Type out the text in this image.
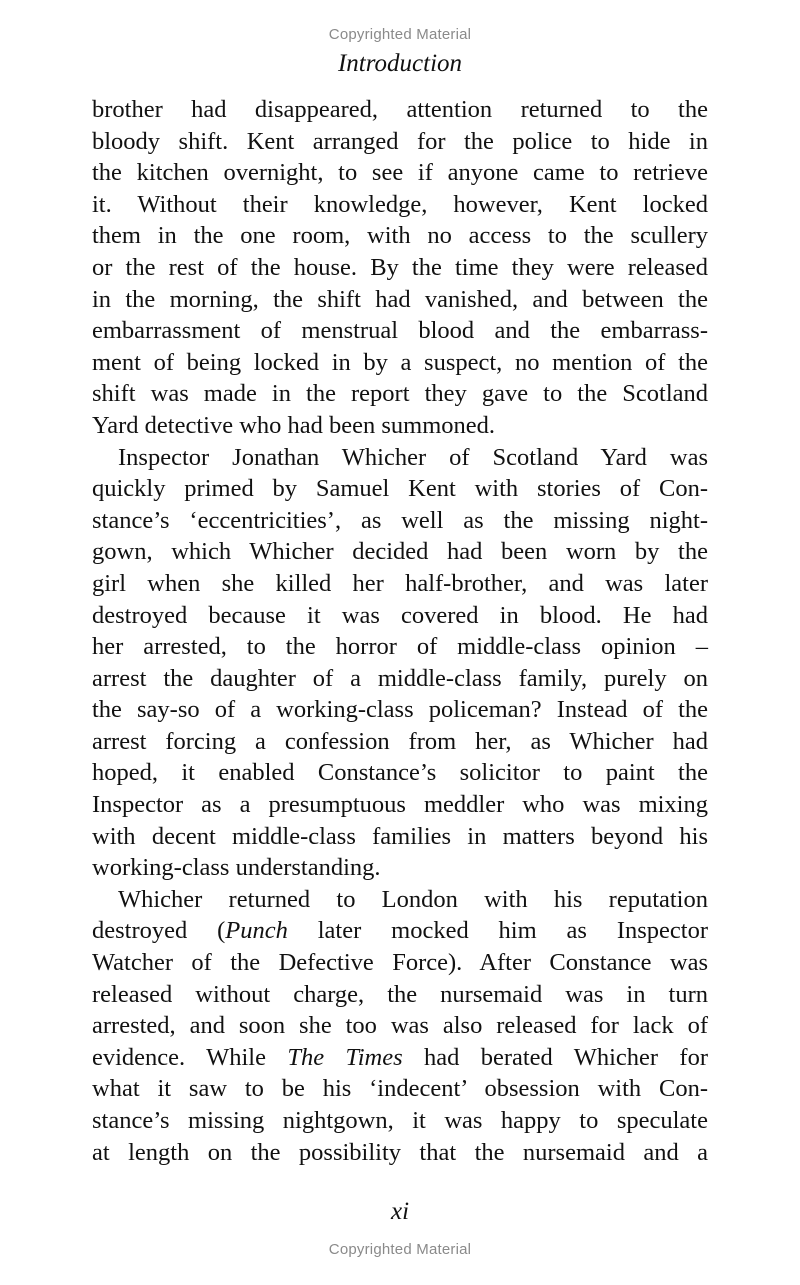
Copyrighted Material
Introduction
brother had disappeared, attention returned to the
bloody shift. Kent arranged for the police to hide in
the kitchen overnight, to see if anyone came to retrieve
it. Without their knowledge, however, Kent locked
them in the one room, with no access to the scullery
or the rest of the house. By the time they were released
in the morning, the shift had vanished, and between the
embarrassment of menstrual blood and the embarrass-
ment of being locked in by a suspect, no mention of the
shift was made in the report they gave to the Scotland
Yard detective who had been summoned.
Inspector Jonathan Whicher of Scotland Yard was
quickly primed by Samuel Kent with stories of Con-
stance’s ‘eccentricities’, as well as the missing night-
gown, which Whicher decided had been worn by the
girl when she killed her half-brother, and was later
destroyed because it was covered in blood. He had
her arrested, to the horror of middle-class opinion –
arrest the daughter of a middle-class family, purely on
the say-so of a working-class policeman? Instead of the
arrest forcing a confession from her, as Whicher had
hoped, it enabled Constance’s solicitor to paint the
Inspector as a presumptuous meddler who was mixing
with decent middle-class families in matters beyond his
working-class understanding.
Whicher returned to London with his reputation
destroyed (Punch later mocked him as Inspector
Watcher of the Defective Force). After Constance was
released without charge, the nursemaid was in turn
arrested, and soon she too was also released for lack of
evidence. While The Times had berated Whicher for
what it saw to be his ‘indecent’ obsession with Con-
stance’s missing nightgown, it was happy to speculate
at length on the possibility that the nursemaid and a
xi
Copyrighted Material
